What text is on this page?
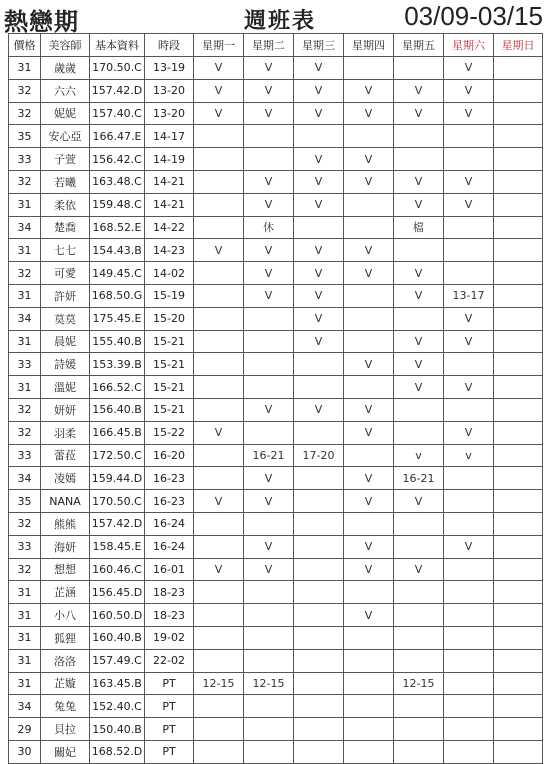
熱戀期	週班表	03/09-03/15
價格	美容師	基本資料	時段	星期一	星期二	星期三	星期四	星期五	星期六	星期日
31	歲歲	170.50.C	13-19	V	V	V			V	
32	六六	157.42.D	13-20	V	V	V	V	V	V	
32	妮妮	157.40.C	13-20	V	V	V	V	V	V	
35	安心亞	166.47.E	14-17							
33	子萱	156.42.C	14-19			V	V			
32	若曦	163.48.C	14-21		V	V	V	V	V	
31	柔依	159.48.C	14-21		V	V		V	V	
34	楚喬	168.52.E	14-22		休			檔		
31	七七	154.43.B	14-23	V	V	V	V			
32	可愛	149.45.C	14-02		V	V	V	V		
31	許妍	168.50.G	15-19		V	V		V	13-17	
34	莫莫	175.45.E	15-20			V			V	
31	晨妮	155.40.B	15-21			V		V	V	
33	詩媛	153.39.B	15-21				V	V		
31	溫妮	166.52.C	15-21					V	V	
32	妍妍	156.40.B	15-21		V	V	V			
32	羽柔	166.45.B	15-22	V			V		V	
33	蕾菈	172.50.C	16-20		16-21	17-20		v	v	
34	凌嫣	159.44.D	16-23		V		V	16-21		
35	NANA	170.50.C	16-23	V	V		V	V		
32	熊熊	157.42.D	16-24							
33	海妍	158.45.E	16-24		V		V		V	
32	想想	160.46.C	16-01	V	V		V	V		
31	芷涵	156.45.D	18-23							
31	小八	160.50.D	18-23				V			
31	狐狸	160.40.B	19-02							
31	洛洛	157.49.C	22-02							
31	芷嫙	163.45.B	PT	12-15	12-15			12-15		
34	兔兔	152.40.C	PT							
29	貝拉	150.40.B	PT							
30	關妃	168.52.D	PT							
